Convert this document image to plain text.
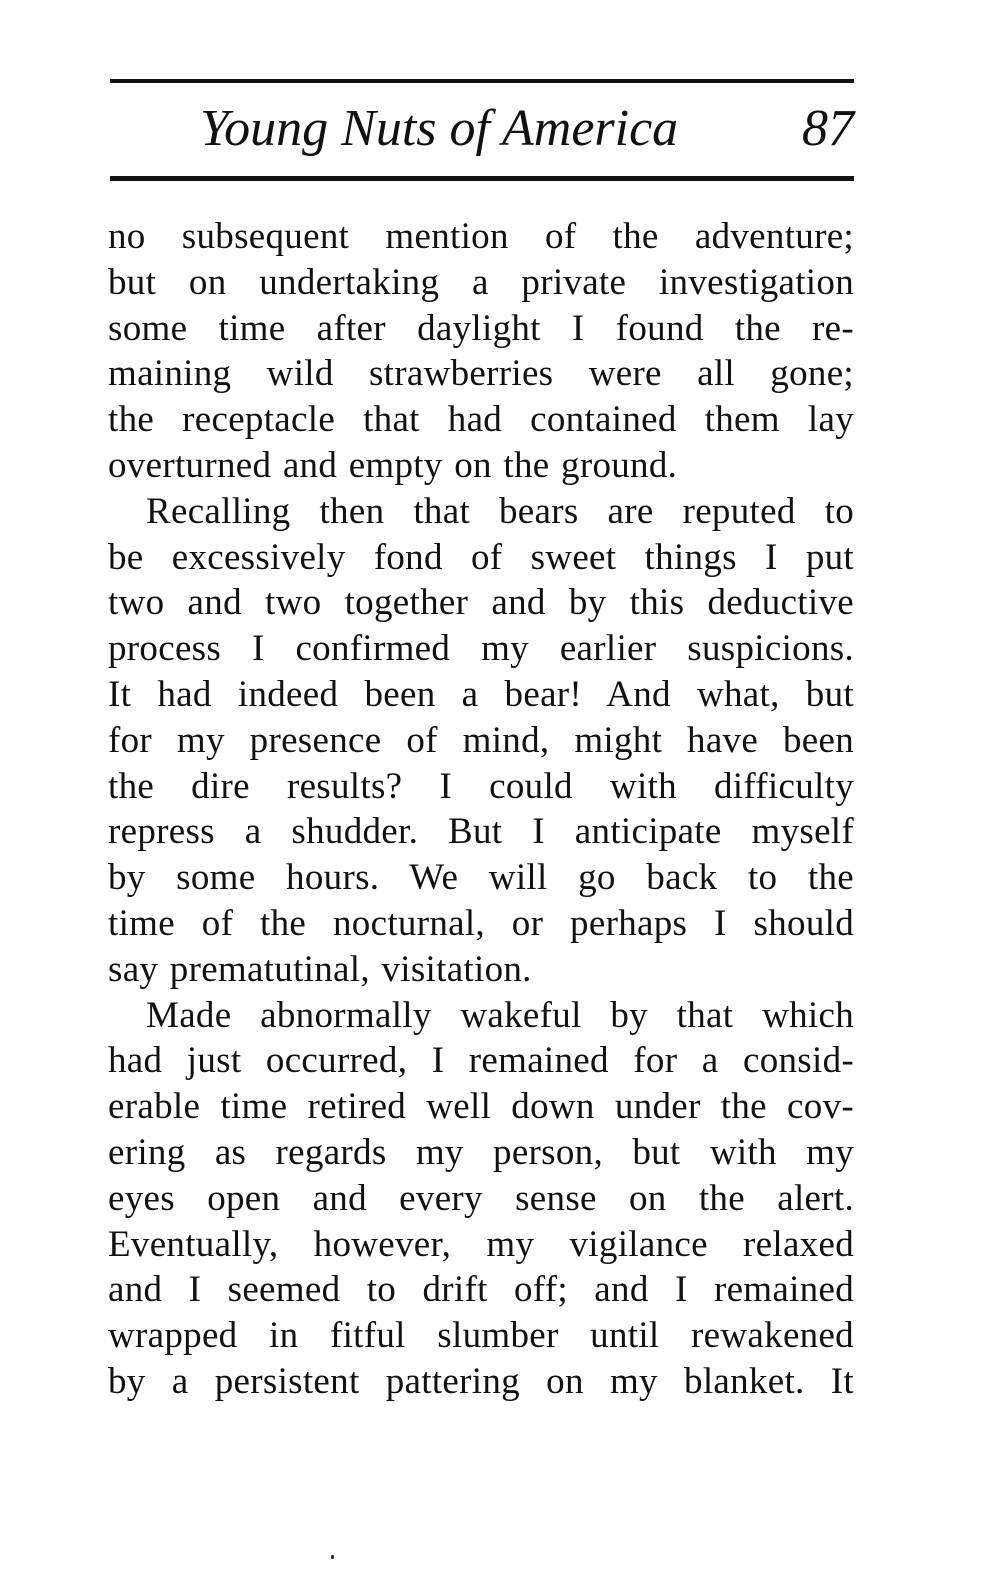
Young Nuts of America 87
no subsequent mention of the adventure;
but on undertaking a private investigation
some time after daylight I found the re-
maining wild strawberries were all gone;
the receptacle that had contained them lay
overturned and empty on the ground.
Recalling then that bears are reputed to
be excessively fond of sweet things I put
two and two together and by this deductive
process I confirmed my earlier suspicions.
It had indeed been a bear! And what, but
for my presence of mind, might have been
the dire results? I could with difficulty
repress a shudder. But I anticipate myself
by some hours. We will go back to the
time of the nocturnal, or perhaps I should
say prematutinal, visitation.
Made abnormally wakeful by that which
had just occurred, I remained for a consid-
erable time retired well down under the cov-
ering as regards my person, but with my
eyes open and every sense on the alert.
Eventually, however, my vigilance relaxed
and I seemed to drift off; and I remained
wrapped in fitful slumber until rewakened
by a persistent pattering on my blanket. It
